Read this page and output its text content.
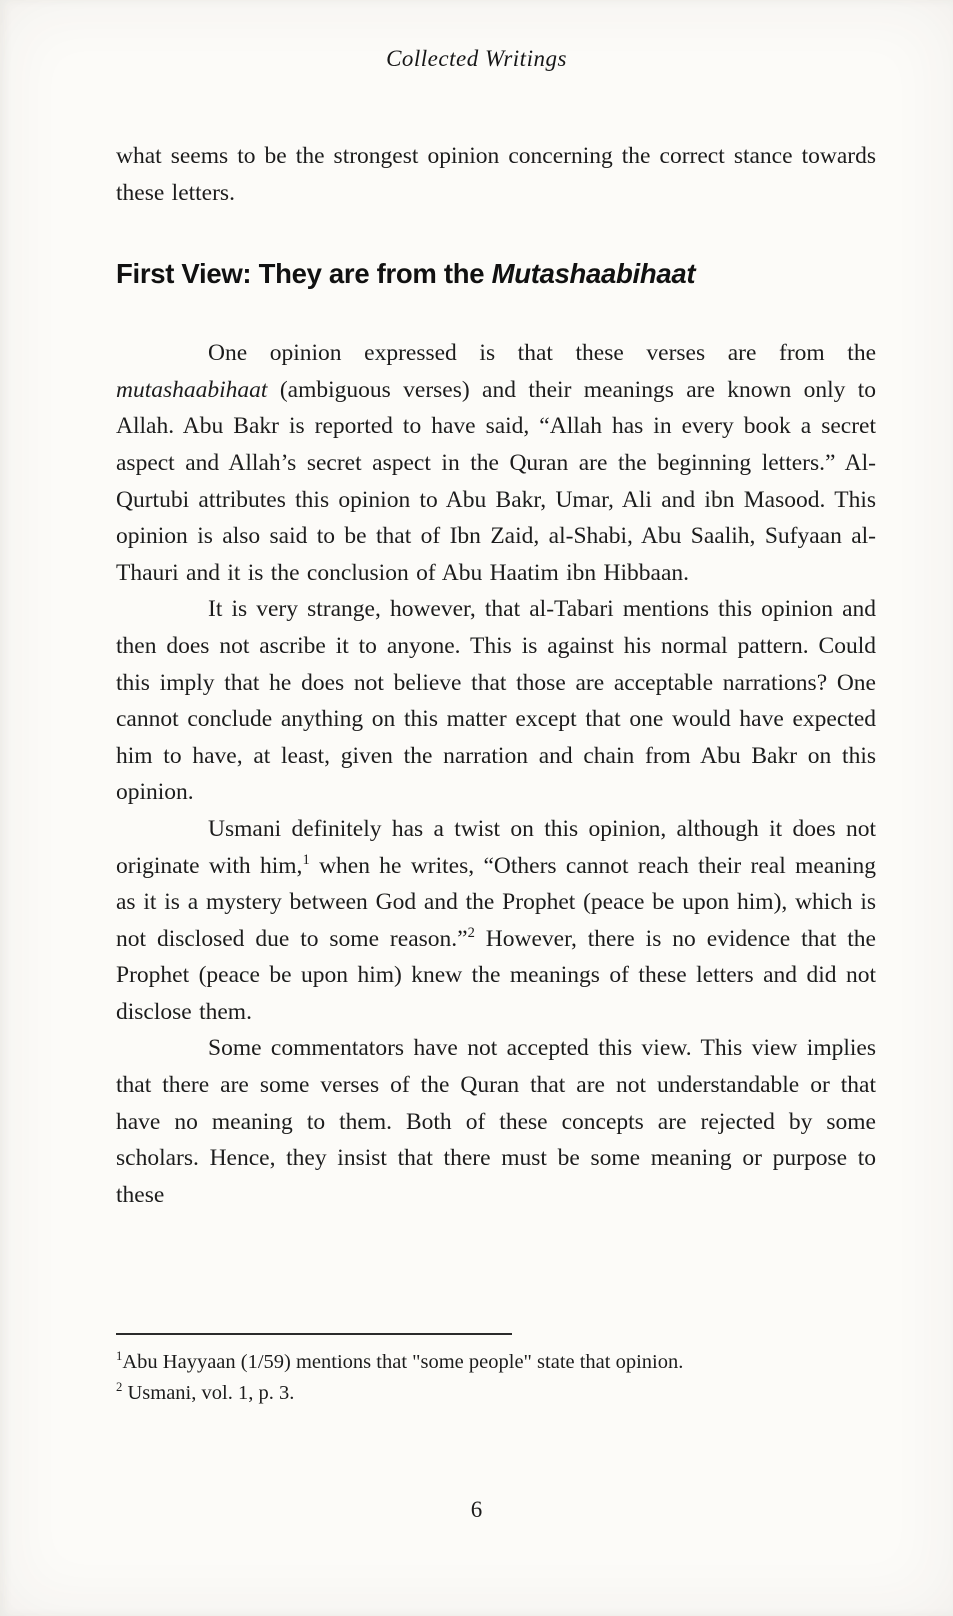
Collected Writings

what seems to be the strongest opinion concerning the correct stance towards these letters.

First View: They are from the Mutashaabihaat

One opinion expressed is that these verses are from the mutashaabihaat (ambiguous verses) and their meanings are known only to Allah. Abu Bakr is reported to have said, “Allah has in every book a secret aspect and Allah’s secret aspect in the Quran are the beginning letters.” Al-Qurtubi attributes this opinion to Abu Bakr, Umar, Ali and ibn Masood. This opinion is also said to be that of Ibn Zaid, al-Shabi, Abu Saalih, Sufyaan al-Thauri and it is the conclusion of Abu Haatim ibn Hibbaan.

It is very strange, however, that al-Tabari mentions this opinion and then does not ascribe it to anyone. This is against his normal pattern. Could this imply that he does not believe that those are acceptable narrations? One cannot conclude anything on this matter except that one would have expected him to have, at least, given the narration and chain from Abu Bakr on this opinion.

Usmani definitely has a twist on this opinion, although it does not originate with him,$^1$ when he writes, “Others cannot reach their real meaning as it is a mystery between God and the Prophet (peace be upon him), which is not disclosed due to some reason.”$^2$ However, there is no evidence that the Prophet (peace be upon him) knew the meanings of these letters and did not disclose them.

Some commentators have not accepted this view. This view implies that there are some verses of the Quran that are not understandable or that have no meaning to them. Both of these concepts are rejected by some scholars. Hence, they insist that there must be some meaning or purpose to these

$^1$Abu Hayyaan (1/59) mentions that "some people" state that opinion.
$^2$ Usmani, vol. 1, p. 3.
6
